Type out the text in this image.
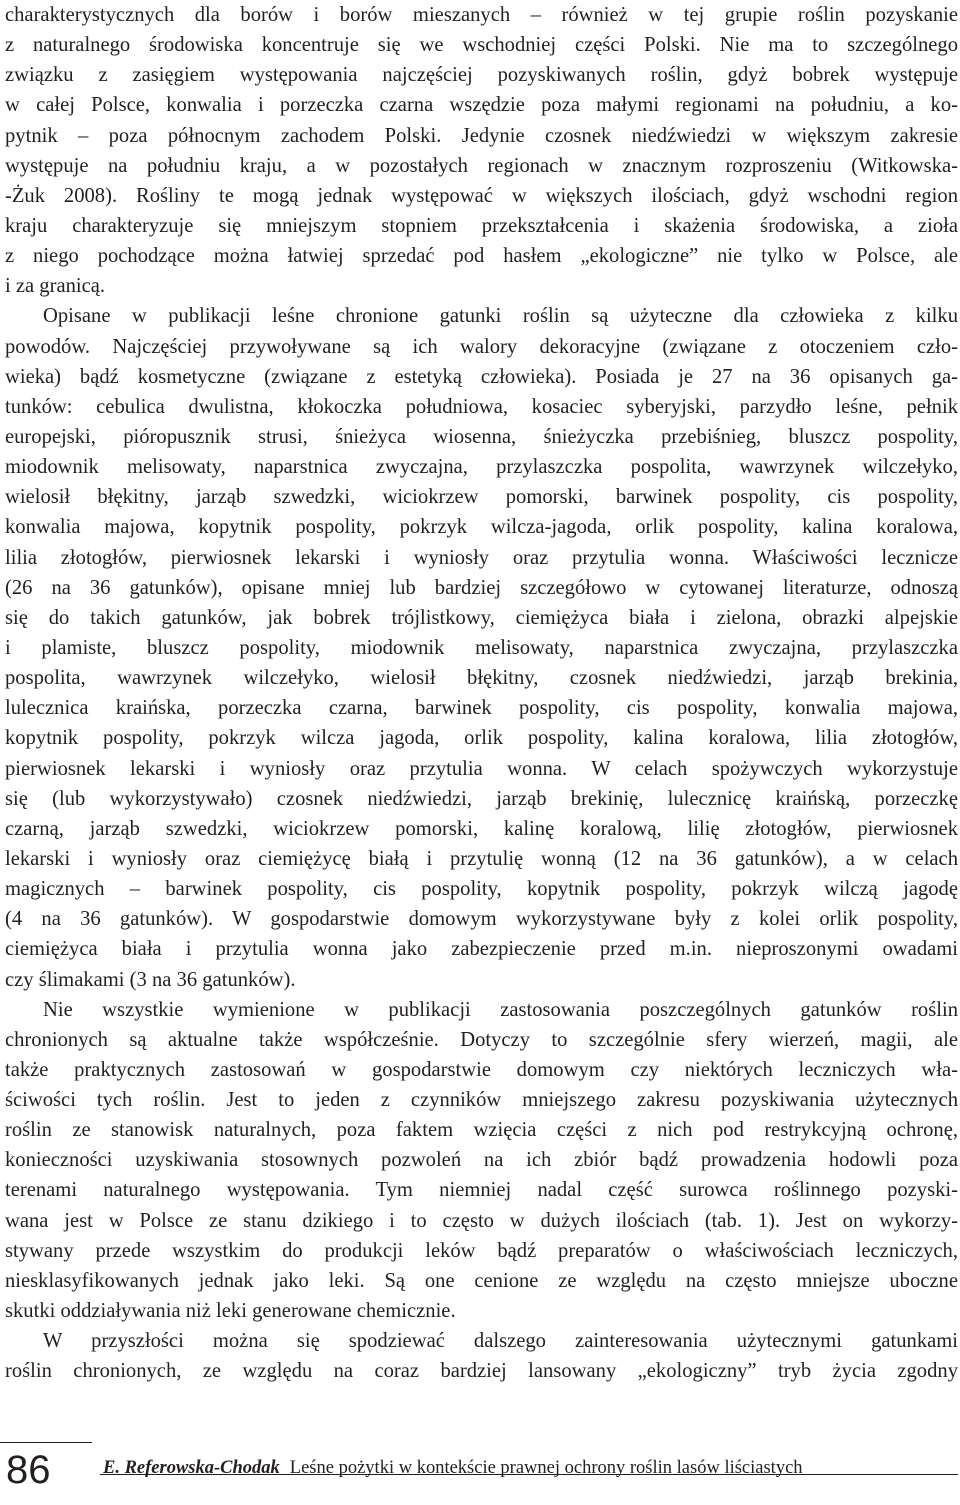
charakterystycznych dla borów i borów mieszanych – również w tej grupie roślin pozyskanie
z naturalnego środowiska koncentruje się we wschodniej części Polski. Nie ma to szczególnego
związku z zasięgiem występowania najczęściej pozyskiwanych roślin, gdyż bobrek występuje
w całej Polsce, konwalia i porzeczka czarna wszędzie poza małymi regionami na południu, a ko-
pytnik – poza północnym zachodem Polski. Jedynie czosnek niedźwiedzi w większym zakresie
występuje na południu kraju, a w pozostałych regionach w znacznym rozproszeniu (Witkowska-
-Żuk 2008). Rośliny te mogą jednak występować w większych ilościach, gdyż wschodni region
kraju charakteryzuje się mniejszym stopniem przekształcenia i skażenia środowiska, a zioła
z niego pochodzące można łatwiej sprzedać pod hasłem „ekologiczne” nie tylko w Polsce, ale
i za granicą.
Opisane w publikacji leśne chronione gatunki roślin są użyteczne dla człowieka z kilku
powodów. Najczęściej przywoływane są ich walory dekoracyjne (związane z otoczeniem czło-
wieka) bądź kosmetyczne (związane z estetyką człowieka). Posiada je 27 na 36 opisanych ga-
tunków: cebulica dwulistna, kłokoczka południowa, kosaciec syberyjski, parzydło leśne, pełnik
europejski, pióropusznik strusi, śnieżyca wiosenna, śnieżyczka przebiśnieg, bluszcz pospolity,
miodownik melisowaty, naparstnica zwyczajna, przylaszczka pospolita, wawrzynek wilczełyko,
wielosił błękitny, jarząb szwedzki, wiciokrzew pomorski, barwinek pospolity, cis pospolity,
konwalia majowa, kopytnik pospolity, pokrzyk wilcza-jagoda, orlik pospolity, kalina koralowa,
lilia złotogłów, pierwiosnek lekarski i wyniosły oraz przytulia wonna. Właściwości lecznicze
(26 na 36 gatunków), opisane mniej lub bardziej szczegółowo w cytowanej literaturze, odnoszą
się do takich gatunków, jak bobrek trójlistkowy, ciemiężyca biała i zielona, obrazki alpejskie
i plamiste, bluszcz pospolity, miodownik melisowaty, naparstnica zwyczajna, przylaszczka
pospolita, wawrzynek wilczełyko, wielosił błękitny, czosnek niedźwiedzi, jarząb brekinia,
lulecznica kraińska, porzeczka czarna, barwinek pospolity, cis pospolity, konwalia majowa,
kopytnik pospolity, pokrzyk wilcza jagoda, orlik pospolity, kalina koralowa, lilia złotogłów,
pierwiosnek lekarski i wyniosły oraz przytulia wonna. W celach spożywczych wykorzystuje
się (lub wykorzystywało) czosnek niedźwiedzi, jarząb brekinię, lulecznicę kraińską, porzeczkę
czarną, jarząb szwedzki, wiciokrzew pomorski, kalinę koralową, lilię złotogłów, pierwiosnek
lekarski i wyniosły oraz ciemiężycę białą i przytulię wonną (12 na 36 gatunków), a w celach
magicznych – barwinek pospolity, cis pospolity, kopytnik pospolity, pokrzyk wilczą jagodę
(4 na 36 gatunków). W gospodarstwie domowym wykorzystywane były z kolei orlik pospolity,
ciemiężyca biała i przytulia wonna jako zabezpieczenie przed m.in. nieproszonymi owadami
czy ślimakami (3 na 36 gatunków).
Nie wszystkie wymienione w publikacji zastosowania poszczególnych gatunków roślin
chronionych są aktualne także współcześnie. Dotyczy to szczególnie sfery wierzeń, magii, ale
także praktycznych zastosowań w gospodarstwie domowym czy niektórych leczniczych wła-
ściwości tych roślin. Jest to jeden z czynników mniejszego zakresu pozyskiwania użytecznych
roślin ze stanowisk naturalnych, poza faktem wzięcia części z nich pod restrykcyjną ochronę,
konieczności uzyskiwania stosownych pozwoleń na ich zbiór bądź prowadzenia hodowli poza
terenami naturalnego występowania. Tym niemniej nadal część surowca roślinnego pozyski-
wana jest w Polsce ze stanu dzikiego i to często w dużych ilościach (tab. 1). Jest on wykorzy-
stywany przede wszystkim do produkcji leków bądź preparatów o właściwościach leczniczych,
niesklasyfikowanych jednak jako leki. Są one cenione ze względu na często mniejsze uboczne
skutki oddziaływania niż leki generowane chemicznie.
W przyszłości można się spodziewać dalszego zainteresowania użytecznymi gatunkami
roślin chronionych, ze względu na coraz bardziej lansowany „ekologiczny” tryb życia zgodny
86	E. Referowska-Chodak Leśne pożytki w kontekście prawnej ochrony roślin lasów liściastych
